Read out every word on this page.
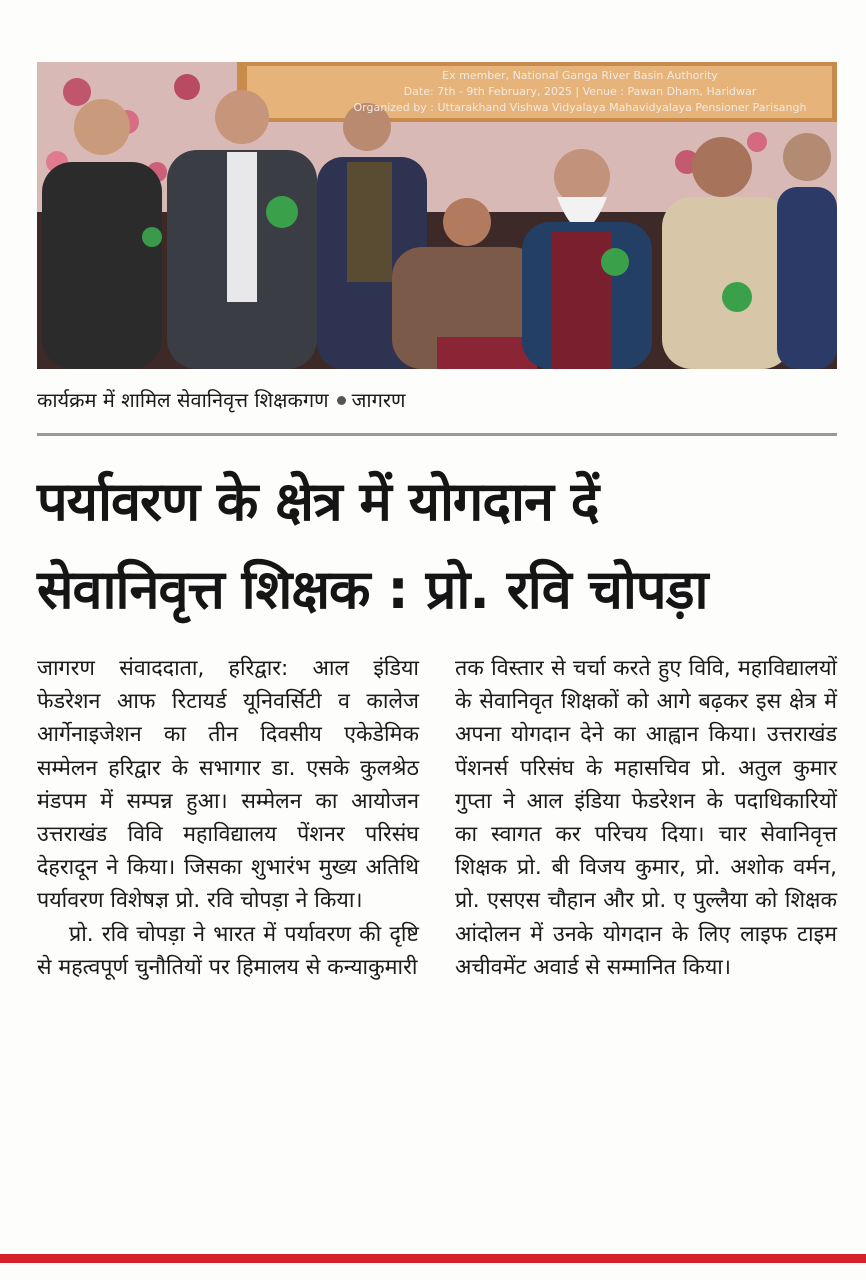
Ex member, National Ganga River Basin Authority
Date: 7th - 9th February, 2025 | Venue : Pawan Dham, Haridwar
Organized by : Uttarakhand Vishwa Vidyalaya Mahavidyalaya Pensioner Parisangh
कार्यक्रम में शामिल सेवानिवृत्त शिक्षकगण जागरण
पर्यावरण के क्षेत्र में योगदान दें
सेवानिवृत्त शिक्षक : प्रो. रवि चोपड़ा

जागरण संवाददाता, हरिद्वार: आल इंडिया फेडरेशन आफ रिटायर्ड यूनिवर्सिटी व कालेज आर्गेनाइजेशन का तीन दिवसीय एकेडेमिक सम्मेलन हरिद्वार के सभागार डा. एसके कुलश्रेठ मंडपम में सम्पन्न हुआ। सम्मेलन का आयोजन उत्तराखंड विवि महाविद्यालय पेंशनर परिसंघ देहरादून ने किया। जिसका शुभारंभ मुख्य अतिथि पर्यावरण विशेषज्ञ प्रो. रवि चोपड़ा ने किया।

प्रो. रवि चोपड़ा ने भारत में पर्यावरण की दृष्टि से महत्वपूर्ण चुनौतियों पर हिमालय से कन्याकुमारी

तक विस्तार से चर्चा करते हुए विवि, महाविद्यालयों के सेवानिवृत शिक्षकों को आगे बढ़कर इस क्षेत्र में अपना योगदान देने का आह्वान किया। उत्तराखंड पेंशनर्स परिसंघ के महासचिव प्रो. अतुल कुमार गुप्ता ने आल इंडिया फेडरेशन के पदाधिकारियों का स्वागत कर परिचय दिया। चार सेवानिवृत्त शिक्षक प्रो. बी विजय कुमार, प्रो. अशोक वर्मन, प्रो. एसएस चौहान और प्रो. ए पुल्लैया को शिक्षक आंदोलन में उनके योगदान के लिए लाइफ टाइम अचीवमेंट अवार्ड से सम्मानित किया।
